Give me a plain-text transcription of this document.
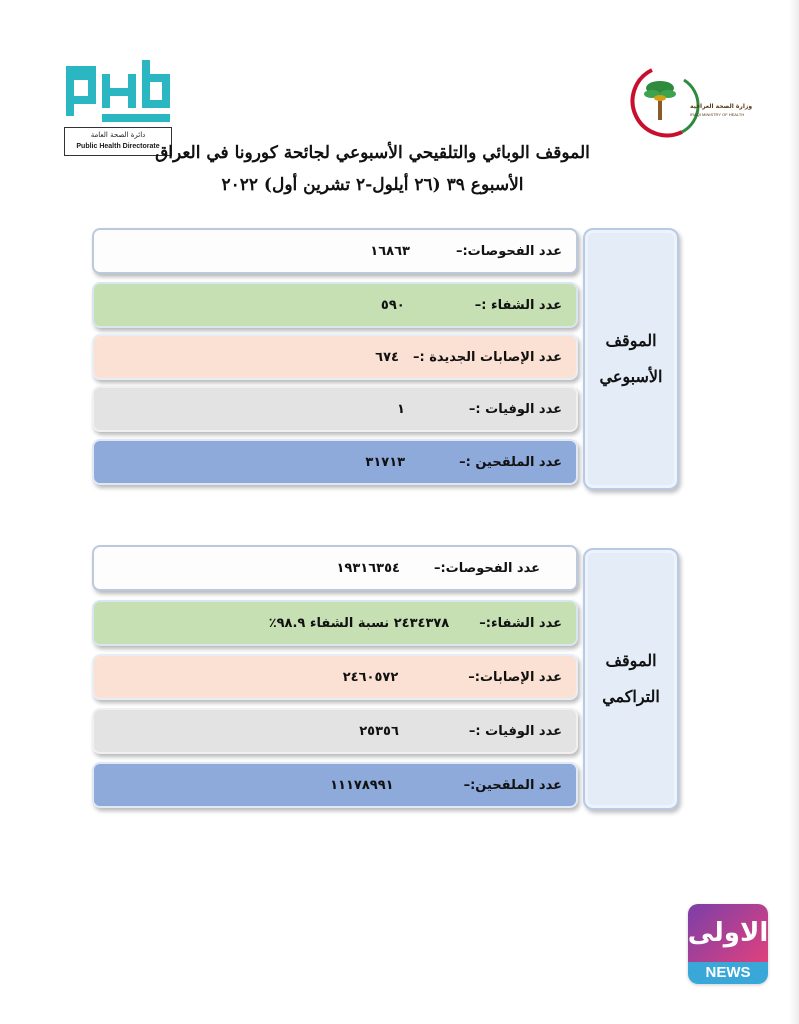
دائرة الصحة العامة
Public Health Directorate
وزارة الصحة العراقية
IRAQI MINISTRY OF HEALTH
الموقف الوبائي والتلقيحي الأسبوعي لجائحة كورونا في العراق
الأسبوع ٣٩ (٢٦ أيلول-٢ تشرين أول) ٢٠٢٢
عدد الفحوصات:–
١٦٨٦٣
عدد الشفاء :–
٥٩٠
عدد الإصابات الجديدة :–
٦٧٤
عدد الوفيات :–
١
عدد الملقحين :–
٣١٧١٣
الموقف
الأسبوعي
عدد الفحوصات:–
١٩٣١٦٣٥٤
عدد الشفاء:–
٢٤٣٤٣٧٨ نسبة الشفاء ٩٨.٩٪
عدد الإصابات:–
٢٤٦٠٥٧٢
عدد الوفيات :–
٢٥٣٥٦
عدد الملقحين:–
١١١٧٨٩٩١
الموقف
التراكمي
الاولى
NEWS
